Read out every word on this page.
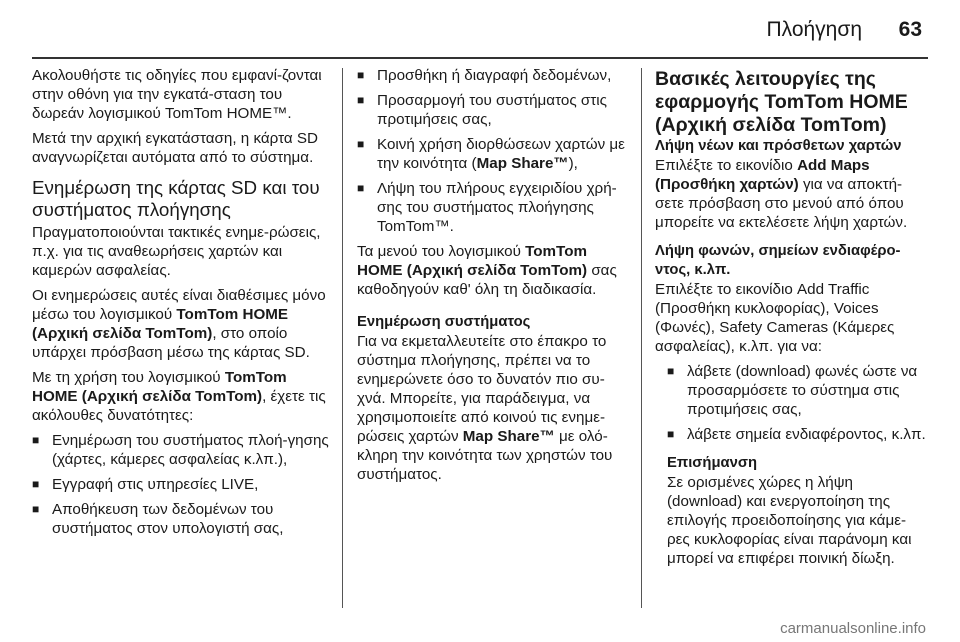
Πλοήγηση 63

Ακολουθήστε τις οδηγίες που εμφανί-ζονται στην οθόνη για την εγκατά-σταση του δωρεάν λογισμικού TomTom HOME™.

Μετά την αρχική εγκατάσταση, η κάρτα SD αναγνωρίζεται αυτόματα από το σύστημα.

Ενημέρωση της κάρτας SD και του συστήματος πλοήγησης

Πραγματοποιούνται τακτικές ενημε-ρώσεις, π.χ. για τις αναθεωρήσεις χαρτών και καμερών ασφαλείας.

Οι ενημερώσεις αυτές είναι διαθέσιμες μόνο μέσω του λογισμικού TomTom HOME (Αρχική σελίδα TomTom), στο οποίο υπάρχει πρόσβαση μέσω της κάρτας SD.

Με τη χρήση του λογισμικού TomTom HOME (Αρχική σελίδα TomTom), έχετε τις ακόλουθες δυνατότητες:

■ Ενημέρωση του συστήματος πλοή-γησης (χάρτες, κάμερες ασφαλείας κ.λπ.),
■ Εγγραφή στις υπηρεσίες LIVE,
■ Αποθήκευση των δεδομένων του συστήματος στον υπολογιστή σας,
■ Προσθήκη ή διαγραφή δεδομένων,
■ Προσαρμογή του συστήματος στις προτιμήσεις σας,
■ Κοινή χρήση διορθώσεων χαρτών με την κοινότητα (Map Share™),
■ Λήψη του πλήρους εγχειριδίου χρή-σης του συστήματος πλοήγησης TomTom™.

Τα μενού του λογισμικού TomTom HOME (Αρχική σελίδα TomTom) σας καθοδηγούν καθ' όλη τη διαδικασία.

Ενημέρωση συστήματος

Για να εκμεταλλευτείτε στο έπακρο το σύστημα πλοήγησης, πρέπει να το ενημερώνετε όσο το δυνατόν πιο συ-χνά. Μπορείτε, για παράδειγμα, να χρησιμοποιείτε από κοινού τις ενημε-ρώσεις χαρτών Map Share™ με ολό-κληρη την κοινότητα των χρηστών του συστήματος.

Βασικές λειτουργίες της εφαρμογής TomTom HOME (Αρχική σελίδα TomTom)
Λήψη νέων και πρόσθετων χαρτών

Επιλέξτε το εικονίδιο Add Maps (Προσθήκη χαρτών) για να αποκτή-σετε πρόσβαση στο μενού από όπου μπορείτε να εκτελέσετε λήψη χαρτών.

Λήψη φωνών, σημείων ενδιαφέρο-ντος, κ.λπ.

Επιλέξτε το εικονίδιο Add Traffic (Προσθήκη κυκλοφορίας), Voices (Φωνές), Safety Cameras (Κάμερες ασφαλείας), κ.λπ. για να:

■ λάβετε (download) φωνές ώστε να προσαρμόσετε το σύστημα στις προτιμήσεις σας,
■ λάβετε σημεία ενδιαφέροντος, κ.λπ.
Επισήμανση

Σε ορισμένες χώρες η λήψη (download) και ενεργοποίηση της επιλογής προειδοποίησης για κάμε-ρες κυκλοφορίας είναι παράνομη και μπορεί να επιφέρει ποινική δίωξη.

carmanualsonline.info
